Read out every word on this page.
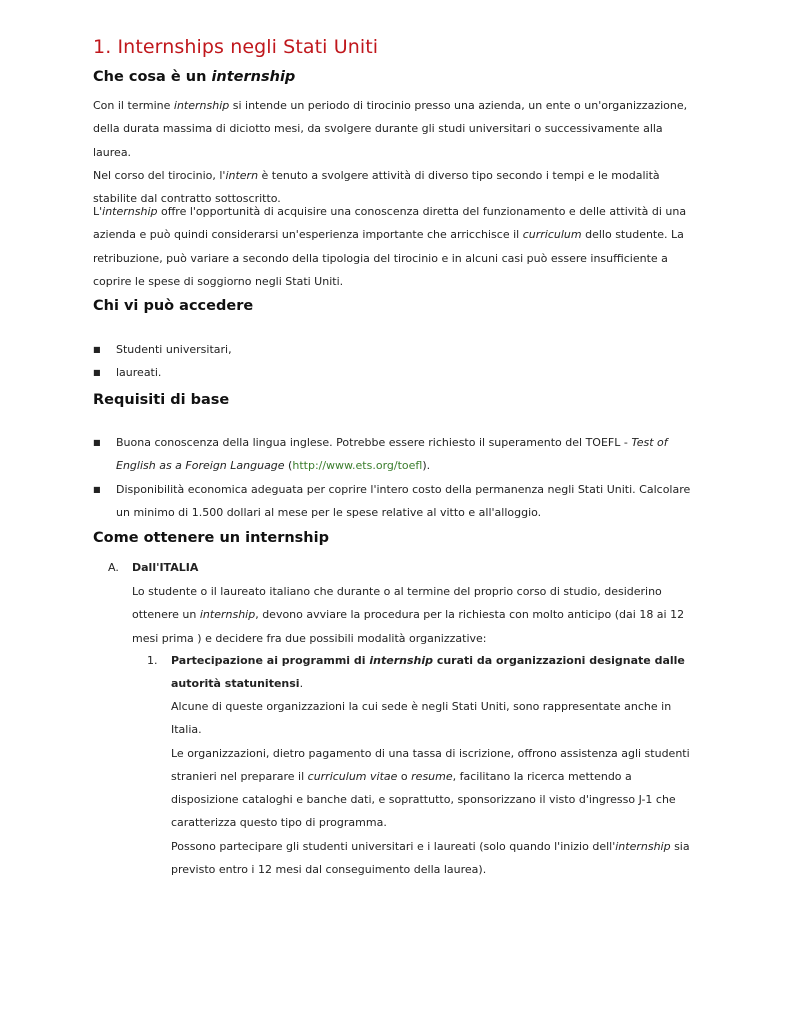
1. Internships negli Stati Uniti
Che cosa è un internship

Con il termine internship si intende un periodo di tirocinio presso una azienda, un ente o un'organizzazione, della durata massima di diciotto mesi, da svolgere durante gli studi universitari o successivamente alla laurea.
Nel corso del tirocinio, l'intern è tenuto a svolgere attività di diverso tipo secondo i tempi e le modalità stabilite dal contratto sottoscritto.

L'internship offre l'opportunità di acquisire una conoscenza diretta del funzionamento e delle attività di una azienda e può quindi considerarsi un'esperienza importante che arricchisce il curriculum dello studente. La retribuzione, può variare a secondo della tipologia del tirocinio e in alcuni casi può essere insufficiente a coprire le spese di soggiorno negli Stati Uniti.

Chi vi può accedere
■ Studenti universitari,
■ laureati.
Requisiti di base
■ Buona conoscenza della lingua inglese. Potrebbe essere richiesto il superamento del TOEFL - Test of English as a Foreign Language (http://www.ets.org/toefl).
■ Disponibilità economica adeguata per coprire l'intero costo della permanenza negli Stati Uniti. Calcolare un minimo di 1.500 dollari al mese per le spese relative al vitto e all'alloggio.
Come ottenere un internship
A. Dall'ITALIA

Lo studente o il laureato italiano che durante o al termine del proprio corso di studio, desiderino ottenere un internship, devono avviare la procedura per la richiesta con molto anticipo (dai 18 ai 12 mesi prima ) e decidere fra due possibili modalità organizzative:

1. Partecipazione ai programmi di internship curati da organizzazioni designate dalle autorità statunitensi.

Alcune di queste organizzazioni la cui sede è negli Stati Uniti, sono rappresentate anche in Italia.
Le organizzazioni, dietro pagamento di una tassa di iscrizione, offrono assistenza agli studenti stranieri nel preparare il curriculum vitae o resume, facilitano la ricerca mettendo a disposizione cataloghi e banche dati, e soprattutto, sponsorizzano il visto d'ingresso J-1 che caratterizza questo tipo di programma.
Possono partecipare gli studenti universitari e i laureati (solo quando l'inizio dell'internship sia previsto entro i 12 mesi dal conseguimento della laurea).
